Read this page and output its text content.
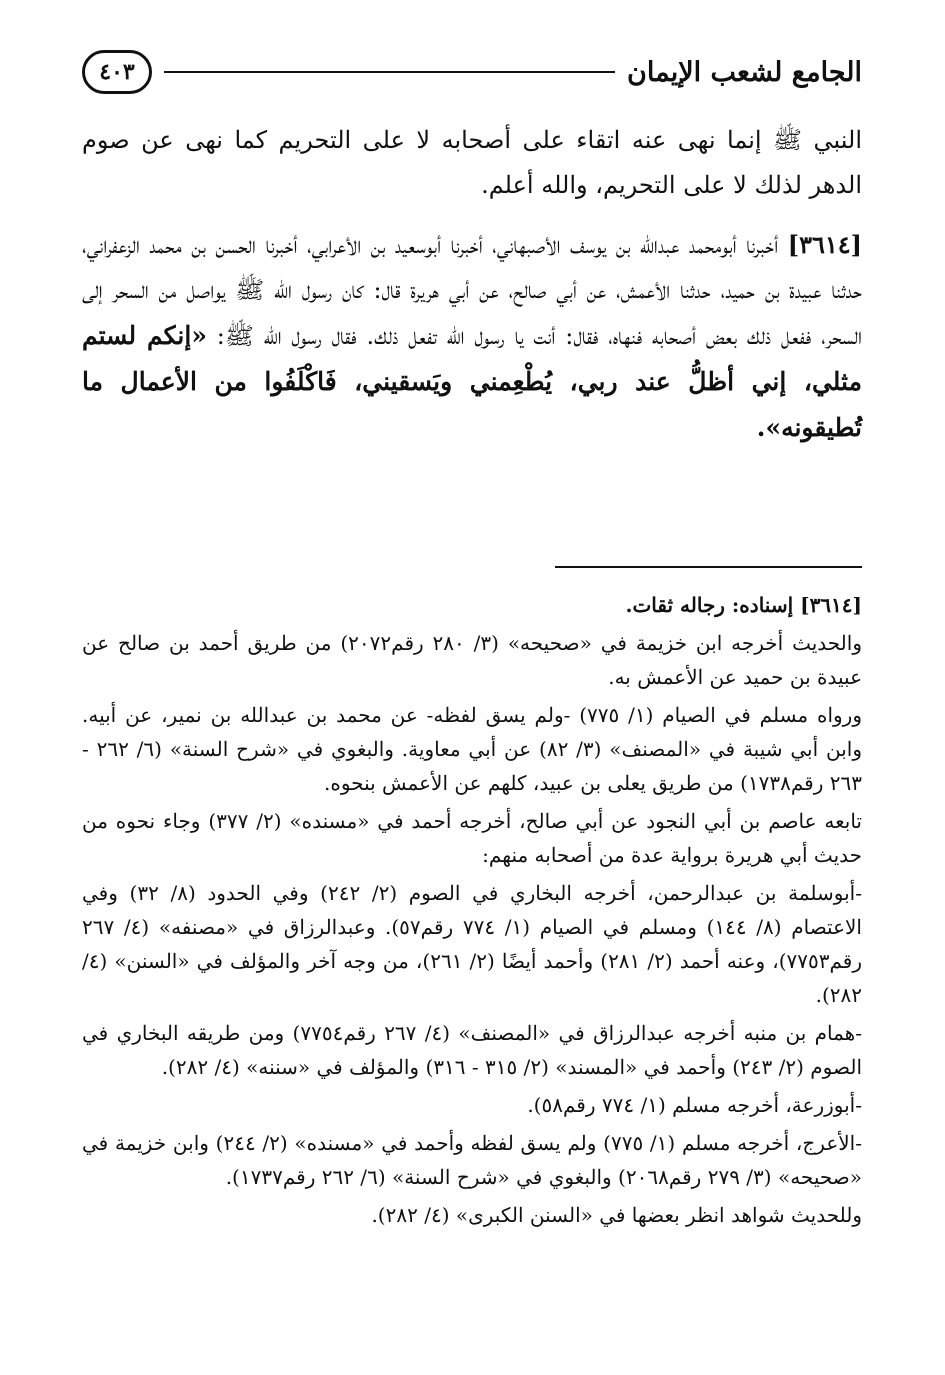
الجامع لشعب الإيمان
٤٠٣

النبي ﷺ إنما نهى عنه اتقاء على أصحابه لا على التحريم كما نهى عن صوم الدهر لذلك لا على التحريم، والله أعلم.

[٣٦١٤] أخبرنا أبومحمد عبدالله بن يوسف الأصبهاني، أخبرنا أبوسعيد بن الأعرابي، أخبرنا الحسن بن محمد الزعفراني، حدثنا عبيدة بن حميد، حدثنا الأعمش، عن أبي صالح، عن أبي هريرة قال: كان رسول الله ﷺ يواصل من السحر إلى السحر، ففعل ذلك بعض أصحابه فنهاه، فقال: أنت يا رسول الله تفعل ذلك. فقال رسول الله ﷺ: «إنكم لستم مثلي، إني أظلُّ عند ربي، يُطْعِمني ويَسقيني، فَاكْلَفُوا من الأعمال ما تُطيقونه».

[٣٦١٤] إسناده: رجاله ثقات.

والحديث أخرجه ابن خزيمة في «صحيحه» (٣/ ٢٨٠ رقم٢٠٧٢) من طريق أحمد بن صالح عن عبيدة بن حميد عن الأعمش به.

ورواه مسلم في الصيام (١/ ٧٧٥) -ولم يسق لفظه- عن محمد بن عبدالله بن نمير، عن أبيه. وابن أبي شيبة في «المصنف» (٣/ ٨٢) عن أبي معاوية. والبغوي في «شرح السنة» (٦/ ٢٦٢ - ٢٦٣ رقم١٧٣٨) من طريق يعلى بن عبيد، كلهم عن الأعمش بنحوه.

تابعه عاصم بن أبي النجود عن أبي صالح، أخرجه أحمد في «مسنده» (٢/ ٣٧٧) وجاء نحوه من حديث أبي هريرة برواية عدة من أصحابه منهم:

-أبوسلمة بن عبدالرحمن، أخرجه البخاري في الصوم (٢/ ٢٤٢) وفي الحدود (٨/ ٣٢) وفي الاعتصام (٨/ ١٤٤) ومسلم في الصيام (١/ ٧٧٤ رقم٥٧). وعبدالرزاق في «مصنفه» (٤/ ٢٦٧ رقم٧٧٥٣)، وعنه أحمد (٢/ ٢٨١) وأحمد أيضًا (٢/ ٢٦١)، من وجه آخر والمؤلف في «السنن» (٤/ ٢٨٢).

-همام بن منبه أخرجه عبدالرزاق في «المصنف» (٤/ ٢٦٧ رقم٧٧٥٤) ومن طريقه البخاري في الصوم (٢/ ٢٤٣) وأحمد في «المسند» (٢/ ٣١٥ - ٣١٦) والمؤلف في «سننه» (٤/ ٢٨٢).

-أبوزرعة، أخرجه مسلم (١/ ٧٧٤ رقم٥٨).

-الأعرج، أخرجه مسلم (١/ ٧٧٥) ولم يسق لفظه وأحمد في «مسنده» (٢/ ٢٤٤) وابن خزيمة في «صحيحه» (٣/ ٢٧٩ رقم٢٠٦٨) والبغوي في «شرح السنة» (٦/ ٢٦٢ رقم١٧٣٧).

وللحديث شواهد انظر بعضها في «السنن الكبرى» (٤/ ٢٨٢).
